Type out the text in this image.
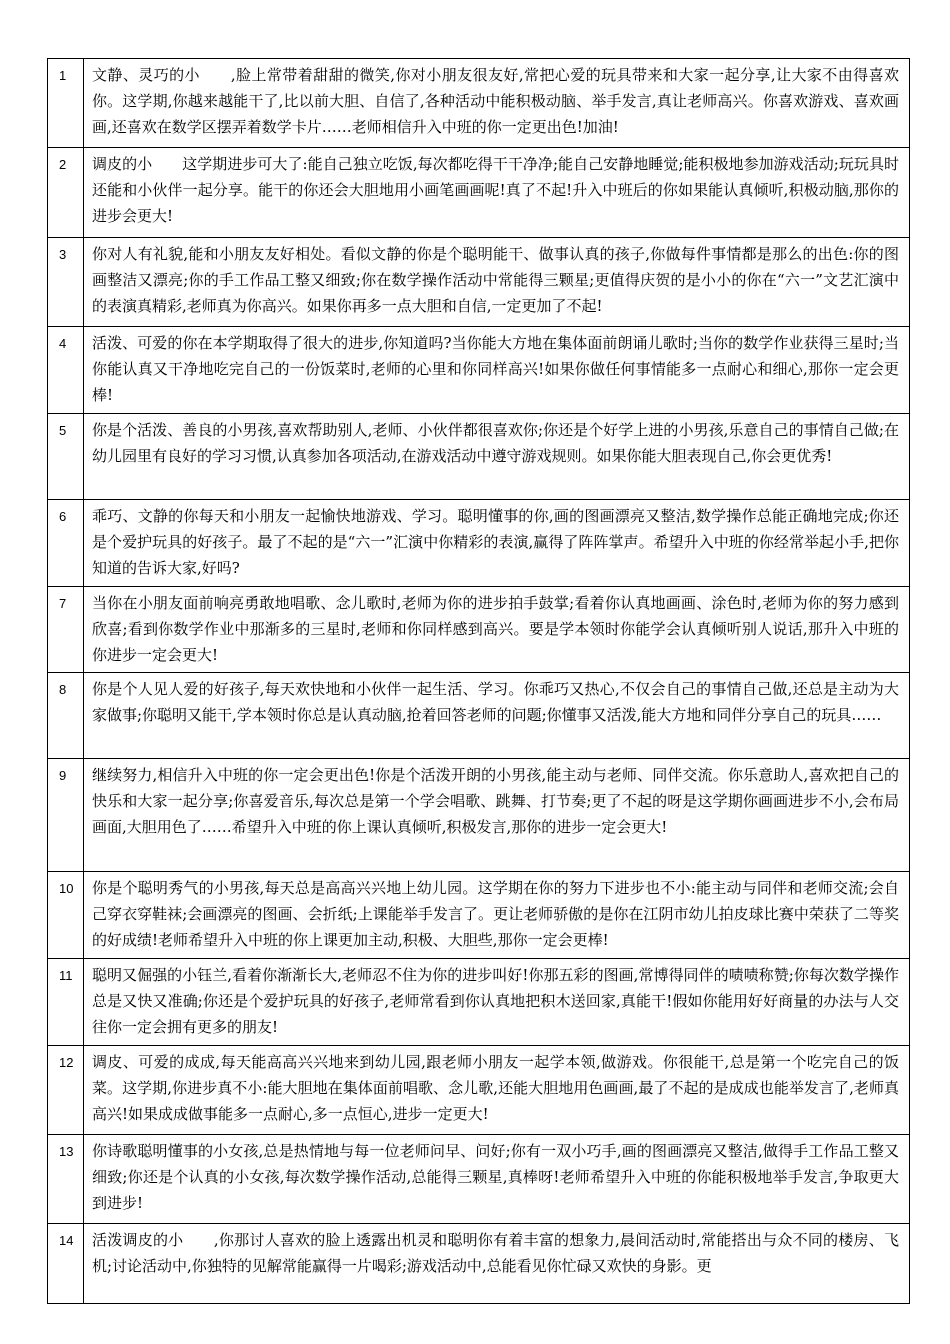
1	文静、灵巧的小　　,脸上常带着甜甜的微笑,你对小朋友很友好,常把心爱的玩具带来和大家一起分享,让大家不由得喜欢你。这学期,你越来越能干了,比以前大胆、自信了,各种活动中能积极动脑、举手发言,真让老师高兴。你喜欢游戏、喜欢画画,还喜欢在数学区摆弄着数学卡片……老师相信升入中班的你一定更出色!加油!
2	调皮的小　　这学期进步可大了:能自己独立吃饭,每次都吃得干干净净;能自己安静地睡觉;能积极地参加游戏活动;玩玩具时还能和小伙伴一起分享。能干的你还会大胆地用小画笔画画呢!真了不起!升入中班后的你如果能认真倾听,积极动脑,那你的进步会更大!
3	你对人有礼貌,能和小朋友友好相处。看似文静的你是个聪明能干、做事认真的孩子,你做每件事情都是那么的出色:你的图画整洁又漂亮;你的手工作品工整又细致;你在数学操作活动中常能得三颗星;更值得庆贺的是小小的你在“六一”文艺汇演中的表演真精彩,老师真为你高兴。如果你再多一点大胆和自信,一定更加了不起!
4	活泼、可爱的你在本学期取得了很大的进步,你知道吗?当你能大方地在集体面前朗诵儿歌时;当你的数学作业获得三星时;当你能认真又干净地吃完自己的一份饭菜时,老师的心里和你同样高兴!如果你做任何事情能多一点耐心和细心,那你一定会更棒!
5	你是个活泼、善良的小男孩,喜欢帮助别人,老师、小伙伴都很喜欢你;你还是个好学上进的小男孩,乐意自己的事情自己做;在幼儿园里有良好的学习习惯,认真参加各项活动,在游戏活动中遵守游戏规则。如果你能大胆表现自己,你会更优秀!
6	乖巧、文静的你每天和小朋友一起愉快地游戏、学习。聪明懂事的你,画的图画漂亮又整洁,数学操作总能正确地完成;你还是个爱护玩具的好孩子。最了不起的是“六一”汇演中你精彩的表演,赢得了阵阵掌声。希望升入中班的你经常举起小手,把你知道的告诉大家,好吗?
7	当你在小朋友面前响亮勇敢地唱歌、念儿歌时,老师为你的进步拍手鼓掌;看着你认真地画画、涂色时,老师为你的努力感到欣喜;看到你数学作业中那渐多的三星时,老师和你同样感到高兴。要是学本领时你能学会认真倾听别人说话,那升入中班的你进步一定会更大!
8	你是个人见人爱的好孩子,每天欢快地和小伙伴一起生活、学习。你乖巧又热心,不仅会自己的事情自己做,还总是主动为大家做事;你聪明又能干,学本领时你总是认真动脑,抢着回答老师的问题;你懂事又活泼,能大方地和同伴分享自己的玩具……
9	继续努力,相信升入中班的你一定会更出色!你是个活泼开朗的小男孩,能主动与老师、同伴交流。你乐意助人,喜欢把自己的快乐和大家一起分享;你喜爱音乐,每次总是第一个学会唱歌、跳舞、打节奏;更了不起的呀是这学期你画画进步不小,会布局画面,大胆用色了……希望升入中班的你上课认真倾听,积极发言,那你的进步一定会更大!
10	你是个聪明秀气的小男孩,每天总是高高兴兴地上幼儿园。这学期在你的努力下进步也不小:能主动与同伴和老师交流;会自己穿衣穿鞋袜;会画漂亮的图画、会折纸;上课能举手发言了。更让老师骄傲的是你在江阴市幼儿拍皮球比赛中荣获了二等奖的好成绩!老师希望升入中班的你上课更加主动,积极、大胆些,那你一定会更棒!
11	聪明又倔强的小钰兰,看着你渐渐长大,老师忍不住为你的进步叫好!你那五彩的图画,常博得同伴的啧啧称赞;你每次数学操作总是又快又准确;你还是个爱护玩具的好孩子,老师常看到你认真地把积木送回家,真能干!假如你能用好好商量的办法与人交往你一定会拥有更多的朋友!
12	调皮、可爱的成成,每天能高高兴兴地来到幼儿园,跟老师小朋友一起学本领,做游戏。你很能干,总是第一个吃完自己的饭菜。这学期,你进步真不小:能大胆地在集体面前唱歌、念儿歌,还能大胆地用色画画,最了不起的是成成也能举发言了,老师真高兴!如果成成做事能多一点耐心,多一点恒心,进步一定更大!
13	你诗歌聪明懂事的小女孩,总是热情地与每一位老师问早、问好;你有一双小巧手,画的图画漂亮又整洁,做得手工作品工整又细致;你还是个认真的小女孩,每次数学操作活动,总能得三颗星,真棒呀!老师希望升入中班的你能积极地举手发言,争取更大到进步!
14	活泼调皮的小　　,你那讨人喜欢的脸上透露出机灵和聪明你有着丰富的想象力,晨间活动时,常能搭出与众不同的楼房、飞机;讨论活动中,你独特的见解常能赢得一片喝彩;游戏活动中,总能看见你忙碌又欢快的身影。更
